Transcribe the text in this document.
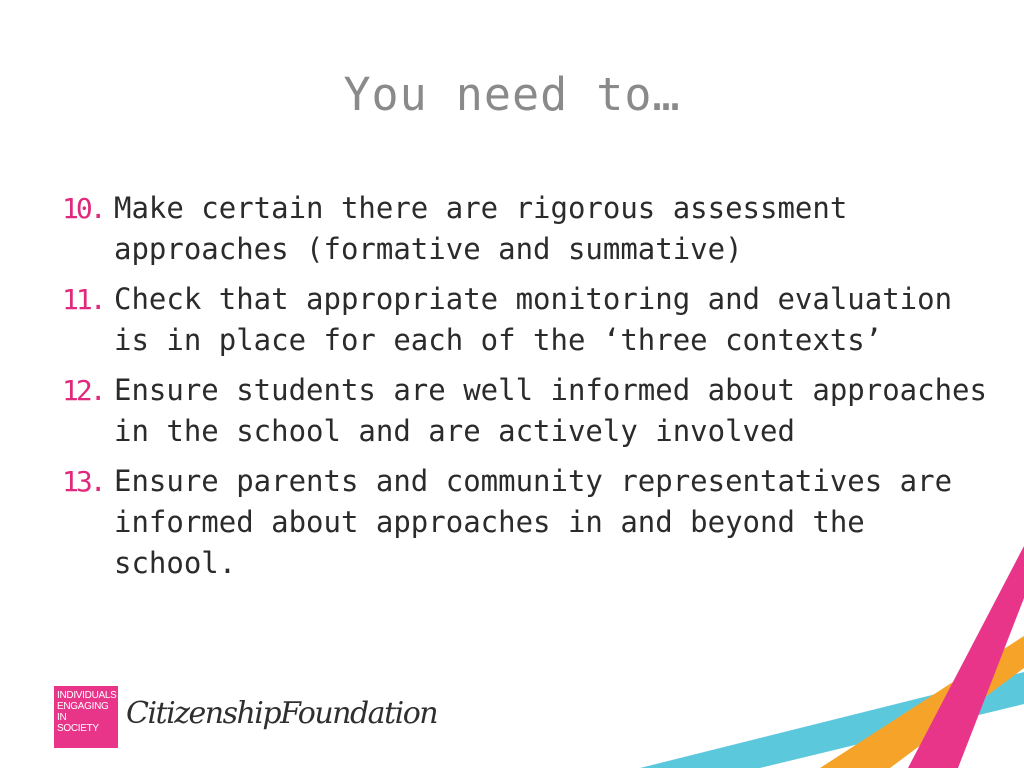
You need to…
10. Make certain there are rigorous assessment approaches (formative and summative)
11. Check that appropriate monitoring and evaluation is in place for each of the ‘three contexts’
12. Ensure students are well informed about approaches in the school and are actively involved
13. Ensure parents and community representatives are informed about approaches in and beyond the school.
INDIVIDUALS
ENGAGING IN
SOCIETY CitizenshipFoundation
